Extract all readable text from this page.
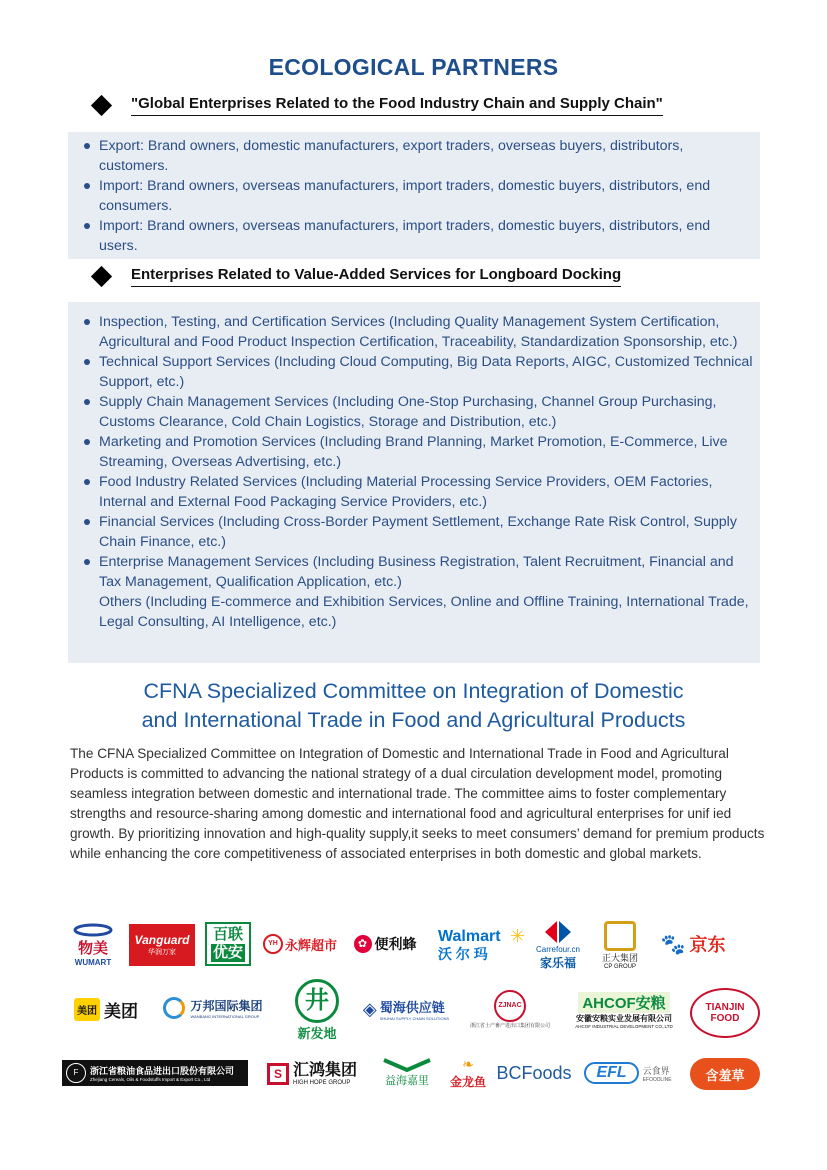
ECOLOGICAL PARTNERS
"Global Enterprises Related to the Food Industry Chain and Supply Chain"
Export: Brand owners, domestic manufacturers, export traders, overseas buyers, distributors, customers.
Import: Brand owners, overseas manufacturers, import traders, domestic buyers, distributors, end consumers.
Import: Brand owners, overseas manufacturers, import traders, domestic buyers, distributors, end users.
Enterprises Related to Value-Added Services for Longboard Docking
Inspection, Testing, and Certification Services (Including Quality Management System Certification, Agricultural and Food Product Inspection Certification, Traceability, Standardization Sponsorship, etc.)
Technical Support Services (Including Cloud Computing, Big Data Reports, AIGC, Customized Technical Support, etc.)
Supply Chain Management Services (Including One-Stop Purchasing, Channel Group Purchasing, Customs Clearance, Cold Chain Logistics, Storage and Distribution, etc.)
Marketing and Promotion Services (Including Brand Planning, Market Promotion, E-Commerce, Live Streaming, Overseas Advertising, etc.)
Food Industry Related Services (Including Material Processing Service Providers, OEM Factories, Internal and External Food Packaging Service Providers, etc.)
Financial Services (Including Cross-Border Payment Settlement, Exchange Rate Risk Control, Supply Chain Finance, etc.)
Enterprise Management Services (Including Business Registration, Talent Recruitment, Financial and Tax Management, Qualification Application, etc.)
Others (Including E-commerce and Exhibition Services, Online and Offline Training, International Trade, Legal Consulting, AI Intelligence, etc.)
CFNA Specialized Committee on Integration of Domestic
and International Trade in Food and Agricultural Products
The CFNA Specialized Committee on Integration of Domestic and International Trade in Food and Agricultural Products is committed to advancing the national strategy of a dual circulation development model, promoting seamless integration between domestic and international trade. The committee aims to foster complementary strengths and resource-sharing among domestic and international food and agricultural enterprises for unif ied growth. By prioritizing innovation and high-quality supply,it seeks to meet consumers’ demand for premium products while enhancing the core competitiveness of associated enterprises in both domestic and global markets.
物美
WUMART
Vanguard
华润万家
百联
优安
YH 永辉超市	✿ 便利蜂 Walmart
沃 尔 玛
✳
Carrefour.cn
家乐福	正大集团
CP GROUP
🐾 京东
美团 美团	万邦国际集团
WANBANG INTERNATIONAL GROUP
井
新发地
◈ 蜀海供应链
SHUHAI SUPPLY CHAIN SOLUTIONS
ZJNAC
浙江省土产畜产进出口集团有限公司
AHCOF安粮
安徽安粮实业发展有限公司
AHCOF INDUSTRIAL DEVELOPMENT CO.,LTD
TIANJIN FOOD
F	浙江省粮油食品进出口股份有限公司
Zhejiang Cereals, Oils & Foodstuffs Import & Export Co., Ltd	S 汇鸿集团
HIGH HOPE GROUP	益海嘉里
❧
金龙鱼 BCFoods	EFL	云食界
EFOODLINE	含羞草
